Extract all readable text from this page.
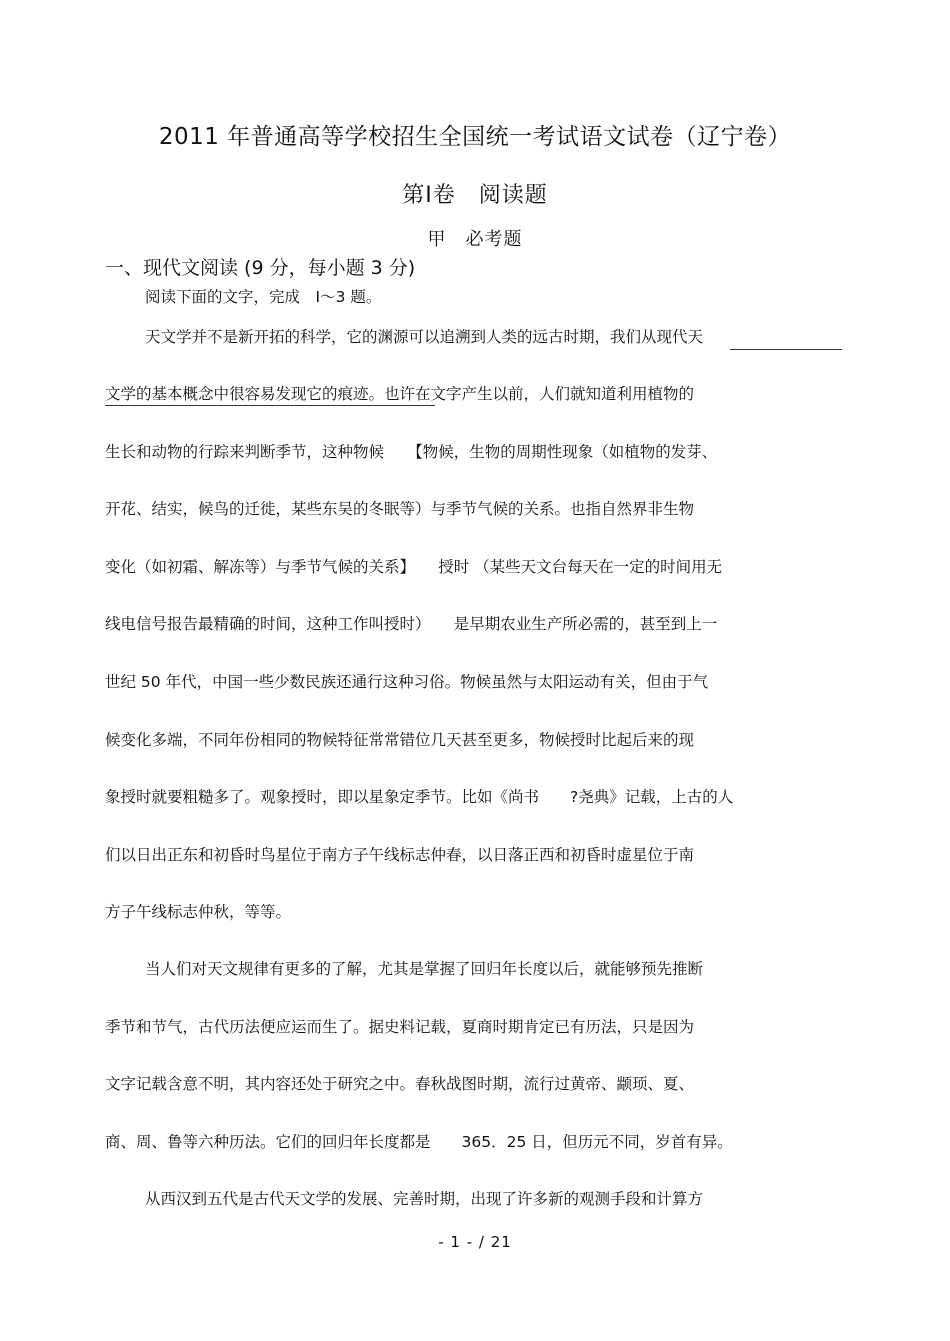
2011 年普通高等学校招生全国统一考试语文试卷（辽宁卷）
第Ⅰ卷　阅读题
甲　必考题
一、现代文阅读 (9 分，每小题 3 分)
阅读下面的文字，完成　I～3 题。
天文学并不是新开拓的科学，它的渊源可以追溯到人类的远古时期，我们从现代天
文学的基本概念中很容易发现它的痕迹。也许在文字产生以前，人们就知道利用植物的
生长和动物的行踪来判断季节，这种物候　　【物候，生物的周期性现象（如植物的发芽、
开花、结实，候鸟的迁徙，某些东吴的冬眠等）与季节气候的关系。也指自然界非生物
变化（如初霜、解冻等）与季节气候的关系】　　授时 （某些天文台每天在一定的时间用无
线电信号报告最精确的时间，这种工作叫授时）　　是早期农业生产所必需的，甚至到上一
世纪 50 年代，中国一些少数民族还通行这种习俗。物候虽然与太阳运动有关，但由于气
候变化多端，不同年份相同的物候特征常常错位几天甚至更多，物候授时比起后来的现
象授时就要粗糙多了。观象授时，即以星象定季节。比如《尚书　　?尧典》记载，上古的人
们以日出正东和初昏时鸟星位于南方子午线标志仲春，以日落正西和初昏时虚星位于南
方子午线标志仲秋，等等。
当人们对天文规律有更多的了解，尤其是掌握了回归年长度以后，就能够预先推断
季节和节气，古代历法便应运而生了。据史料记载，夏商时期肯定已有历法，只是因为
文字记载含意不明，其内容还处于研究之中。春秋战图时期，流行过黄帝、颛顼、夏、
商、周、鲁等六种历法。它们的回归年长度都是　　365．25 日，但历元不同，岁首有异。
从西汉到五代是古代天文学的发展、完善时期，出现了许多新的观测手段和计算方
- 1 - / 21
